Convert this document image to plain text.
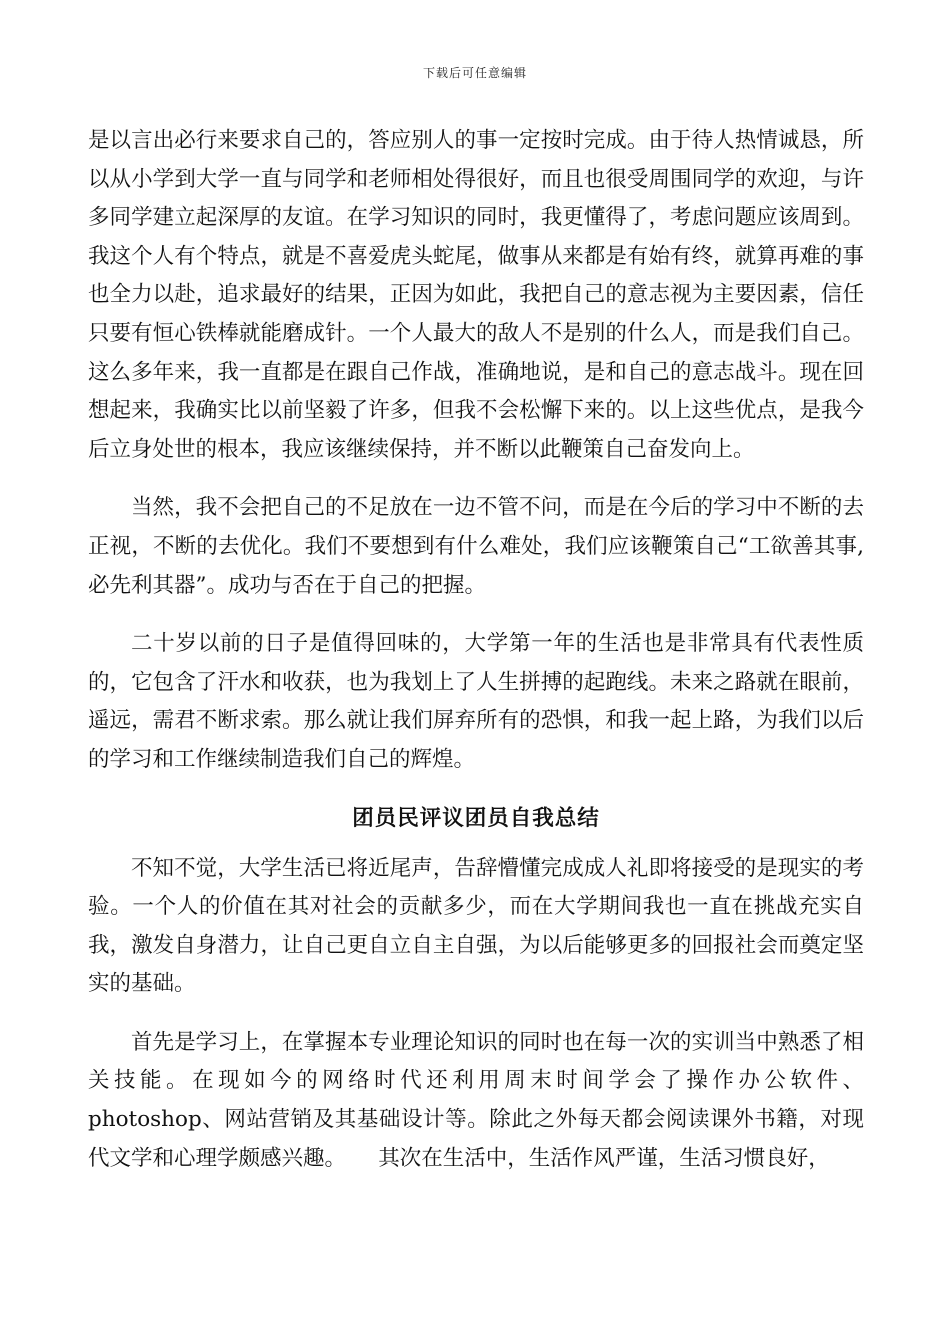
下载后可任意编辑

是以言出必行来要求自己的，答应别人的事一定按时完成。由于待人热情诚恳，所以从小学到大学一直与同学和老师相处得很好，而且也很受周围同学的欢迎，与许多同学建立起深厚的友谊。在学习知识的同时，我更懂得了，考虑问题应该周到。我这个人有个特点，就是不喜爱虎头蛇尾，做事从来都是有始有终，就算再难的事也全力以赴，追求最好的结果，正因为如此，我把自己的意志视为主要因素，信任只要有恒心铁棒就能磨成针。一个人最大的敌人不是别的什么人，而是我们自己。这么多年来，我一直都是在跟自己作战，准确地说，是和自己的意志战斗。现在回想起来，我确实比以前坚毅了许多，但我不会松懈下来的。以上这些优点，是我今后立身处世的根本，我应该继续保持，并不断以此鞭策自己奋发向上。

当然，我不会把自己的不足放在一边不管不问，而是在今后的学习中不断的去正视，不断的去优化。我们不要想到有什么难处，我们应该鞭策自己“工欲善其事,必先利其器”。成功与否在于自己的把握。

二十岁以前的日子是值得回味的，大学第一年的生活也是非常具有代表性质的，它包含了汗水和收获，也为我划上了人生拼搏的起跑线。未来之路就在眼前，遥远，需君不断求索。那么就让我们屏弃所有的恐惧，和我一起上路，为我们以后的学习和工作继续制造我们自己的辉煌。

团员民评议团员自我总结

不知不觉，大学生活已将近尾声，告辞懵懂完成成人礼即将接受的是现实的考验。一个人的价值在其对社会的贡献多少，而在大学期间我也一直在挑战充实自我，激发自身潜力，让自己更自立自主自强，为以后能够更多的回报社会而奠定坚实的基础。

首先是学习上，在掌握本专业理论知识的同时也在每一次的实训当中熟悉了相关技能。在现如今的网络时代还利用周末时间学会了操作办公软件、photoshop、网站营销及其基础设计等。除此之外每天都会阅读课外书籍，对现代文学和心理学颇感兴趣。　　其次在生活中，生活作风严谨，生活习惯良好，
